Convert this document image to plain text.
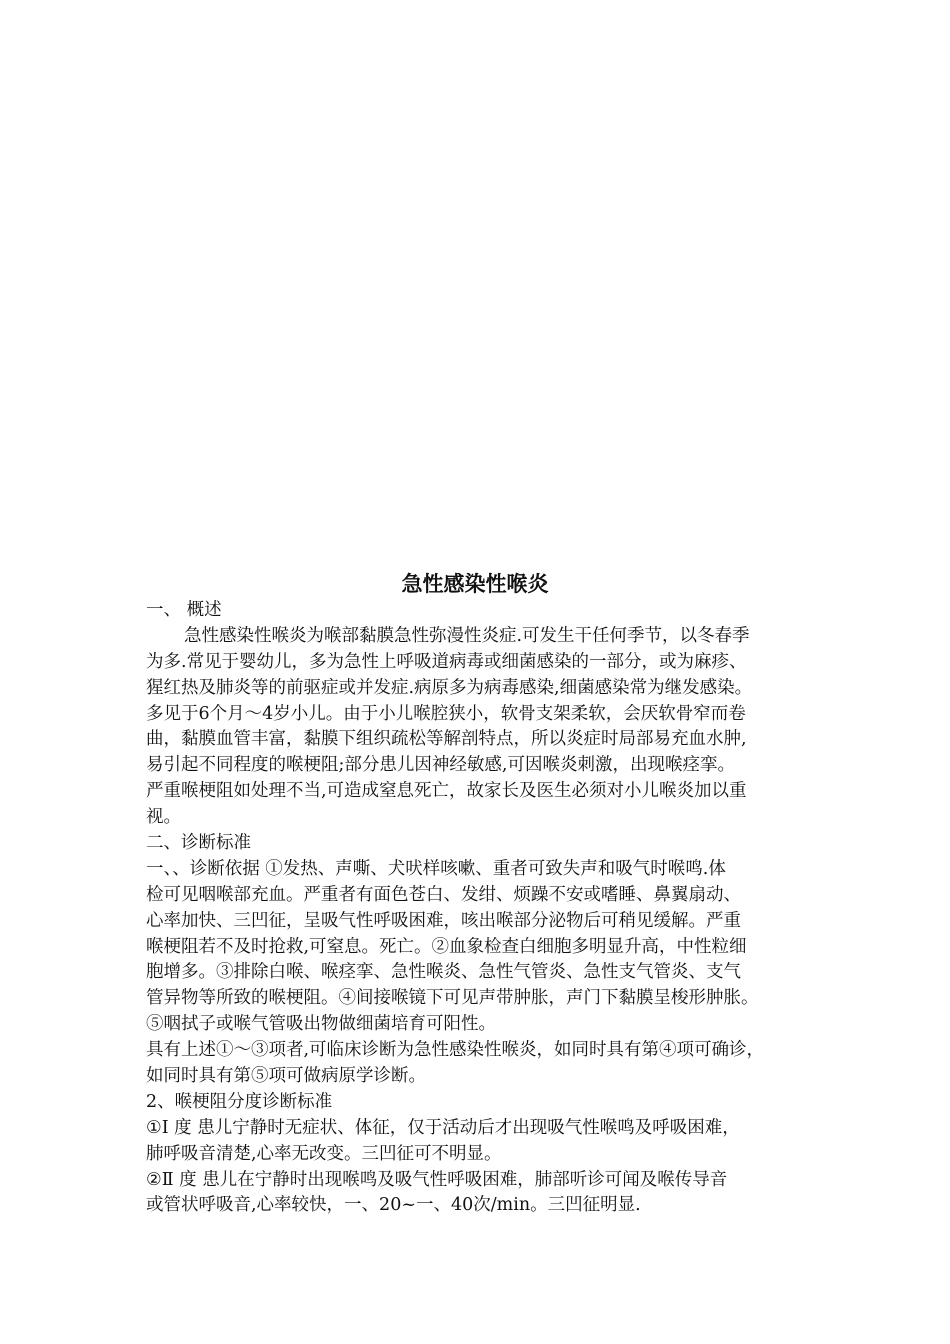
急性感染性喉炎
一、 概述
急性感染性喉炎为喉部黏膜急性弥漫性炎症.可发生干任何季节，以冬春季
为多.常见于婴幼儿，多为急性上呼吸道病毒或细菌感染的一部分，或为麻疹、
猩红热及肺炎等的前驱症或并发症.病原多为病毒感染,细菌感染常为继发感染。
多见于6个月～4岁小儿。由于小儿喉腔狭小，软骨支架柔软，会厌软骨窄而卷
曲，黏膜血管丰富，黏膜下组织疏松等解剖特点，所以炎症时局部易充血水肿,
易引起不同程度的喉梗阻;部分患儿因神经敏感,可因喉炎刺激，出现喉痉挛。
严重喉梗阻如处理不当,可造成窒息死亡，故家长及医生必须对小儿喉炎加以重
视。
二、诊断标准
一、、诊断依据 ①发热、声嘶、犬吠样咳嗽、重者可致失声和吸气时喉鸣.体
检可见咽喉部充血。严重者有面色苍白、发绀、烦躁不安或嗜睡、鼻翼扇动、
心率加快、三凹征，呈吸气性呼吸困难，咳出喉部分泌物后可稍见缓解。严重
喉梗阻若不及时抢救,可窒息。死亡。②血象检查白细胞多明显升高，中性粒细
胞增多。③排除白喉、喉痉挛、急性喉炎、急性气管炎、急性支气管炎、支气
管异物等所致的喉梗阻。④间接喉镜下可见声带肿胀，声门下黏膜呈梭形肿胀。
⑤咽拭子或喉气管吸出物做细菌培育可阳性。
具有上述①～③项者,可临床诊断为急性感染性喉炎，如同时具有第④项可确诊，
如同时具有第⑤项可做病原学诊断。
2、喉梗阻分度诊断标准
①Ⅰ 度 患儿宁静时无症状、体征，仅于活动后才出现吸气性喉鸣及呼吸困难，
肺呼吸音清楚,心率无改变。三凹征可不明显。
②Ⅱ 度 患儿在宁静时出现喉鸣及吸气性呼吸困难，肺部听诊可闻及喉传导音
或管状呼吸音,心率较快，一、20~一、40次/min。三凹征明显.
